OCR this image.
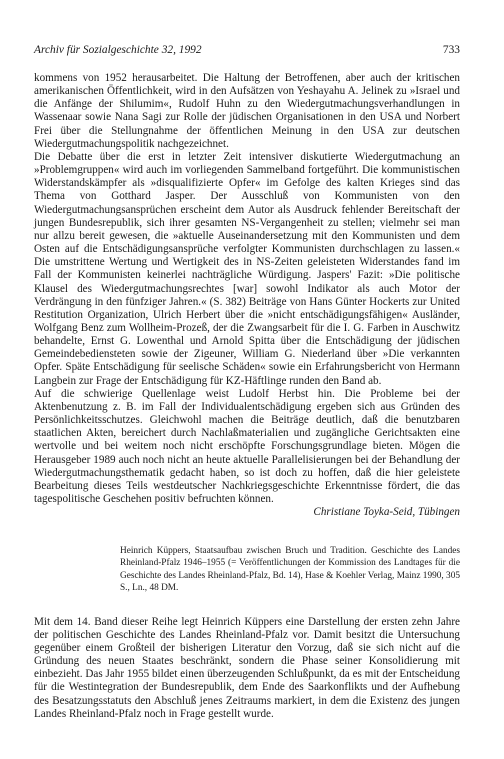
Archiv für Sozialgeschichte 32, 1992	733

kommens von 1952 herausarbeitet. Die Haltung der Betroffenen, aber auch der kritischen amerikanischen Öffentlichkeit, wird in den Aufsätzen von Yeshayahu A. Jelinek zu »Israel und die Anfänge der Shilumim«, Rudolf Huhn zu den Wiedergutmachungsverhandlungen in Wassenaar sowie Nana Sagi zur Rolle der jüdischen Organisationen in den USA und Norbert Frei über die Stellungnahme der öffentlichen Meinung in den USA zur deutschen Wiedergutmachungspolitik nachgezeichnet.

Die Debatte über die erst in letzter Zeit intensiver diskutierte Wiedergutmachung an »Problemgruppen« wird auch im vorliegenden Sammelband fortgeführt. Die kommunistischen Widerstandskämpfer als »disqualifizierte Opfer« im Gefolge des kalten Krieges sind das Thema von Gotthard Jasper. Der Ausschluß von Kommunisten von den Wiedergutmachungsansprüchen erscheint dem Autor als Ausdruck fehlender Bereitschaft der jungen Bundesrepublik, sich ihrer gesamten NS-Vergangenheit zu stellen; vielmehr sei man nur allzu bereit gewesen, die »aktuelle Auseinandersetzung mit den Kommunisten und dem Osten auf die Entschädigungsansprüche verfolgter Kommunisten durchschlagen zu lassen.« Die umstrittene Wertung und Wertigkeit des in NS-Zeiten geleisteten Widerstandes fand im Fall der Kommunisten keinerlei nachträgliche Würdigung. Jaspers' Fazit: »Die politische Klausel des Wiedergutmachungsrechtes [war] sowohl Indikator als auch Motor der Verdrängung in den fünfziger Jahren.« (S. 382) Beiträge von Hans Günter Hockerts zur United Restitution Organization, Ulrich Herbert über die »nicht entschädigungsfähigen« Ausländer, Wolfgang Benz zum Wollheim-Prozeß, der die Zwangsarbeit für die I. G. Farben in Auschwitz behandelte, Ernst G. Lowenthal und Arnold Spitta über die Entschädigung der jüdischen Gemeindebediensteten sowie der Zigeuner, William G. Niederland über »Die verkannten Opfer. Späte Entschädigung für seelische Schäden« sowie ein Erfahrungsbericht von Hermann Langbein zur Frage der Entschädigung für KZ-Häftlinge runden den Band ab.

Auf die schwierige Quellenlage weist Ludolf Herbst hin. Die Probleme bei der Aktenbenutzung z. B. im Fall der Individualentschädigung ergeben sich aus Gründen des Persönlichkeitsschutzes. Gleichwohl machen die Beiträge deutlich, daß die benutzbaren staatlichen Akten, bereichert durch Nachlaßmaterialien und zugängliche Gerichtsakten eine wertvolle und bei weitem noch nicht erschöpfte Forschungsgrundlage bieten. Mögen die Herausgeber 1989 auch noch nicht an heute aktuelle Parallelisierungen bei der Behandlung der Wiedergutmachungsthematik gedacht haben, so ist doch zu hoffen, daß die hier geleistete Bearbeitung dieses Teils westdeutscher Nachkriegsgeschichte Erkenntnisse fördert, die das tagespolitische Geschehen positiv befruchten können.

Christiane Toyka-Seid, Tübingen
Heinrich Küppers, Staatsaufbau zwischen Bruch und Tradition. Geschichte des Landes Rheinland-Pfalz 1946–1955 (= Veröffentlichungen der Kommission des Landtages für die Geschichte des Landes Rheinland-Pfalz, Bd. 14), Hase & Koehler Verlag, Mainz 1990, 305 S., Ln., 48 DM.

Mit dem 14. Band dieser Reihe legt Heinrich Küppers eine Darstellung der ersten zehn Jahre der politischen Geschichte des Landes Rheinland-Pfalz vor. Damit besitzt die Untersuchung gegenüber einem Großteil der bisherigen Literatur den Vorzug, daß sie sich nicht auf die Gründung des neuen Staates beschränkt, sondern die Phase seiner Konsolidierung mit einbezieht. Das Jahr 1955 bildet einen überzeugenden Schlußpunkt, da es mit der Entscheidung für die Westintegration der Bundesrepublik, dem Ende des Saarkonflikts und der Aufhebung des Besatzungsstatuts den Abschluß jenes Zeitraums markiert, in dem die Existenz des jungen Landes Rheinland-Pfalz noch in Frage gestellt wurde.
